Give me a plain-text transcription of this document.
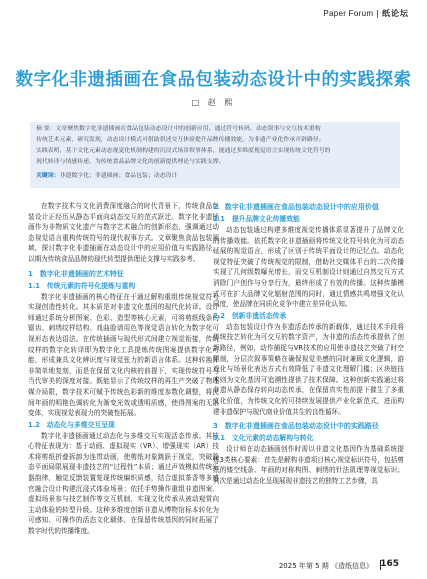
Paper Forum | 纸论坛
数字化非遗插画在食品包装动态设计中的实践探索
□ 赵 熙
摘 要：文章聚焦数字化非遗插画在食品包装动态设计中的创新应用，通过符号转码、动态叙事与交互技术重构
传统艺术元素，研究发现，动态设计模式可借助叙述交互体验提升品牌传播效能，为非遗产业化作承开辟路径。
实践表明，基于文化元素动态视觉化机制构建的沉浸式场景叙事体系，能通过多维度视觉语言实现传统文化符号的
现代转译与情感传递，为传统食品品牌文化的创新提供理论与实践支撑。
关键词：非遗数字化；非遗插画；食品包装；动态设计

在数字技术与文化消费深度融合的时代背景下，传统食品包装设计正经历从静态平面向动态交互的范式跃迁。数字化非遗插画作为非物质文化遗产与数字艺术融合的创新形态，强调通过动态视觉语言重构传统符号的现代叙事方式。文章聚焦食品包装领域，探讨数字化非遗插画在动态设计中的应用价值与实践路径，以期为传统食品品牌的现代转型提供理论支撑与实践参考。

1　数字化非遗插画的艺术特征
1.1　传统元素的符号化提炼与重构

数字化非遗插画的核心特征在于通过解构重组传统视觉符号实现创造性转化。其本质是对非遗文化基因的现代化转译。设计师通过系统分析图案、色彩、造型等核心元素，可将剪纸线条的锯齿、刺绣纹样结构、戏曲脸谱用色等视觉语言转化为数字化可视形态表达语法。在传统插画与现代形式间建立视觉衔接，传统纹样的数字化转译即为数字化工具提炼传统图案提供数字化可能，形成兼具文化辨识度与视觉张力的新语言体系。这种转换并非简单地复刻，而是在保留文化内核的前提下，实现传统符号与当代审美的深度对接。既能显示了传统纹样的再生产突破了物理媒介局限，数字技术可赋予传统色彩新的维度参数化调整，将民间年画的明艳色调转化为渐变光效或透明质感，使得图案的无限变体，实现视觉表现力的突破性拓展。

1.2　动态化与多维交互呈现

数字化非遗插画通过动态化与多维交互实现活态传承。其核心特征表现为：基于动画、虚拟现实（VR）、增强现实（AR）技术将剪纸折叠拆卸为连贯动画，使剪纸对象跳跃于视觉，突破静态平面局限展现非遗技艺的“过程性”本质；通过声效模拟传统乐器韵律，触觉反馈装置复现传统编织质感，结合虚拟茶香等多感官融合设计构建沉浸式体验场景；依托手势操作重组非遗图案、虚拟场景参与技艺制作等交互机制，实现文化传承从被动观赏向主动体验的转型升级。这种多维度创新非遗从博物馆标本转化为可感知、可操作的活态文化载体，在保留传统基因的同时拓展了数字时代的传播维度。

2　数字化非遗插画在食品包装动态设计中的应用价值
2.1　提升品牌文化传播效能

动态包装通过构建多维度视觉传播体系显著提升了品牌文化的传播效能。依托数字化非遗插画将传统文化符号转化为可动态延展的视觉语言，形成了区别于传统平面设计的记忆点。动态化视觉特征突破了传统视觉的限制，借助社交媒体平台的二次传播实现了几何级数曝光增长，而交互机制设计则通过自然交互方式消除门户创作与分享行为，最终形成了有效的传播。这种传播模式可在扩大品牌文化辐射范围的同时，通过情感共鸣增强文化认同度，使品牌在同质化竞争中建立差异化认知。

2.2　创新非遗活态传承

动态包装设计作为非遗活态传承的新载体，通过技术手段将传统技艺转化为可交互的数字资产，为非遗的活态传承提供了创新路径，例如，动作捕捉与VR技术的应用使非遗技艺突破了时空限制，分层次叙事策略在确保视觉美感的同时兼顾文化逻辑，游戏化与场景化表达方式有效降低了非遗文化理解门槛；区块链技术则为文化基因可追溯性提供了技术保障。这种创新实践通过将非遗从静态保存转向动态传承，在保留真实性前提下催生了多重文化价值，为传统文化的可持续发展提供产业化新范式，进而构建非遗保护与现代商业价值共生的良性循环。

3　数字化非遗插画在食品包装动态设计中的实践路径
3.1　文化元素的动态解构与转化

设计师在动态插画创作时需以非遗文化基因作为基础系统提炼3类核心要素：首先是解构非遗项目核心视觉标识符号，包括剪纸的镂空线条、年画的对称构图、刺绣的针法肌理等视觉标识；其次是通过动态化呈现展现非遗技艺的独特工艺步骤，具

2025 年第 5 期 《造纸信息》 165
